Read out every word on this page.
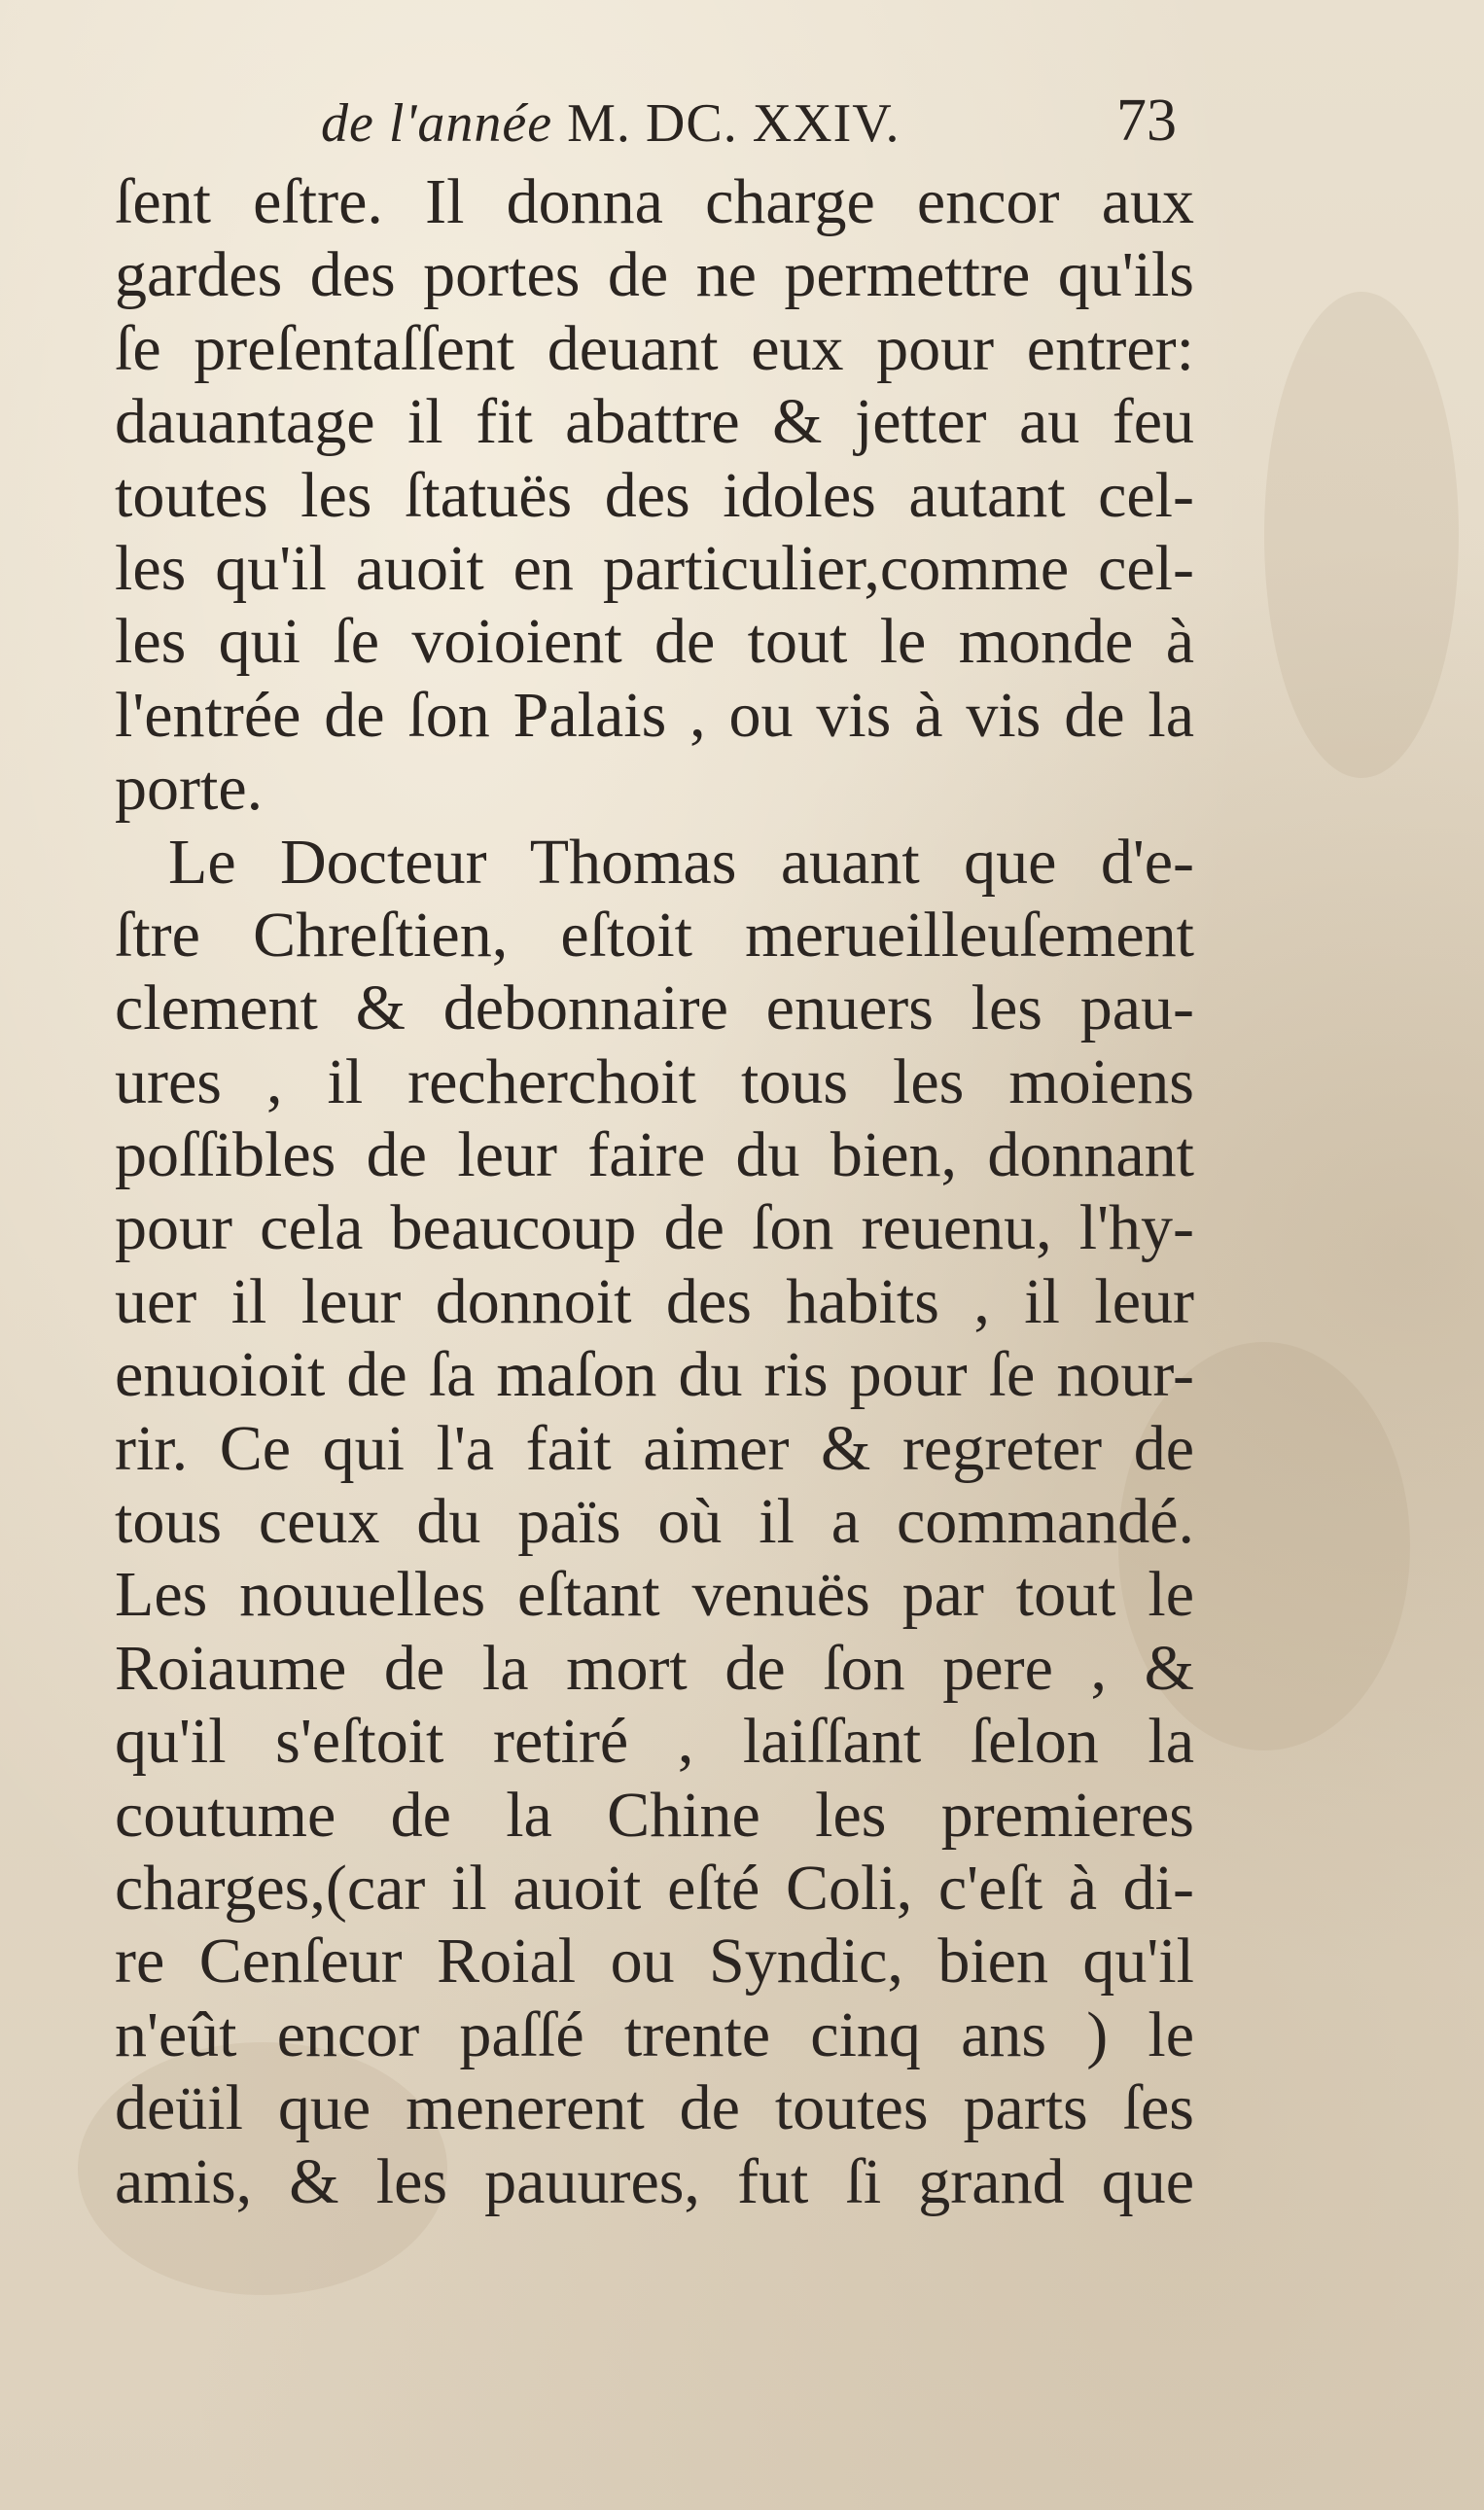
de l'année M. DC. XXIV.	73
ſent eſtre. Il donna charge encor aux
gardes des portes de ne permettre qu'ils
ſe preſentaſſent deuant eux pour entrer:
dauantage il fit abattre & jetter au feu
toutes les ſtatuës des idoles autant cel-
les qu'il auoit en particulier,comme cel-
les qui ſe voioient de tout le monde à
l'entrée de ſon Palais , ou vis à vis de la
porte.
Le Docteur Thomas auant que d'e-
ſtre Chreſtien, eſtoit merueilleuſement
clement & debonnaire enuers les pau-
ures , il recherchoit tous les moiens
poſſibles de leur faire du bien, donnant
pour cela beaucoup de ſon reuenu, l'hy-
uer il leur donnoit des habits , il leur
enuoioit de ſa maſon du ris pour ſe nour-
rir. Ce qui l'a fait aimer & regreter de
tous ceux du païs où il a commandé.
Les nouuelles eſtant venuës par tout le
Roiaume de la mort de ſon pere , &
qu'il s'eſtoit retiré , laiſſant ſelon la
coutume de la Chine les premieres
charges,(car il auoit eſté Coli, c'eſt à di-
re Cenſeur Roial ou Syndic, bien qu'il
n'eût encor paſſé trente cinq ans ) le
deüil que menerent de toutes parts ſes
amis, & les pauures, fut ſi grand que
